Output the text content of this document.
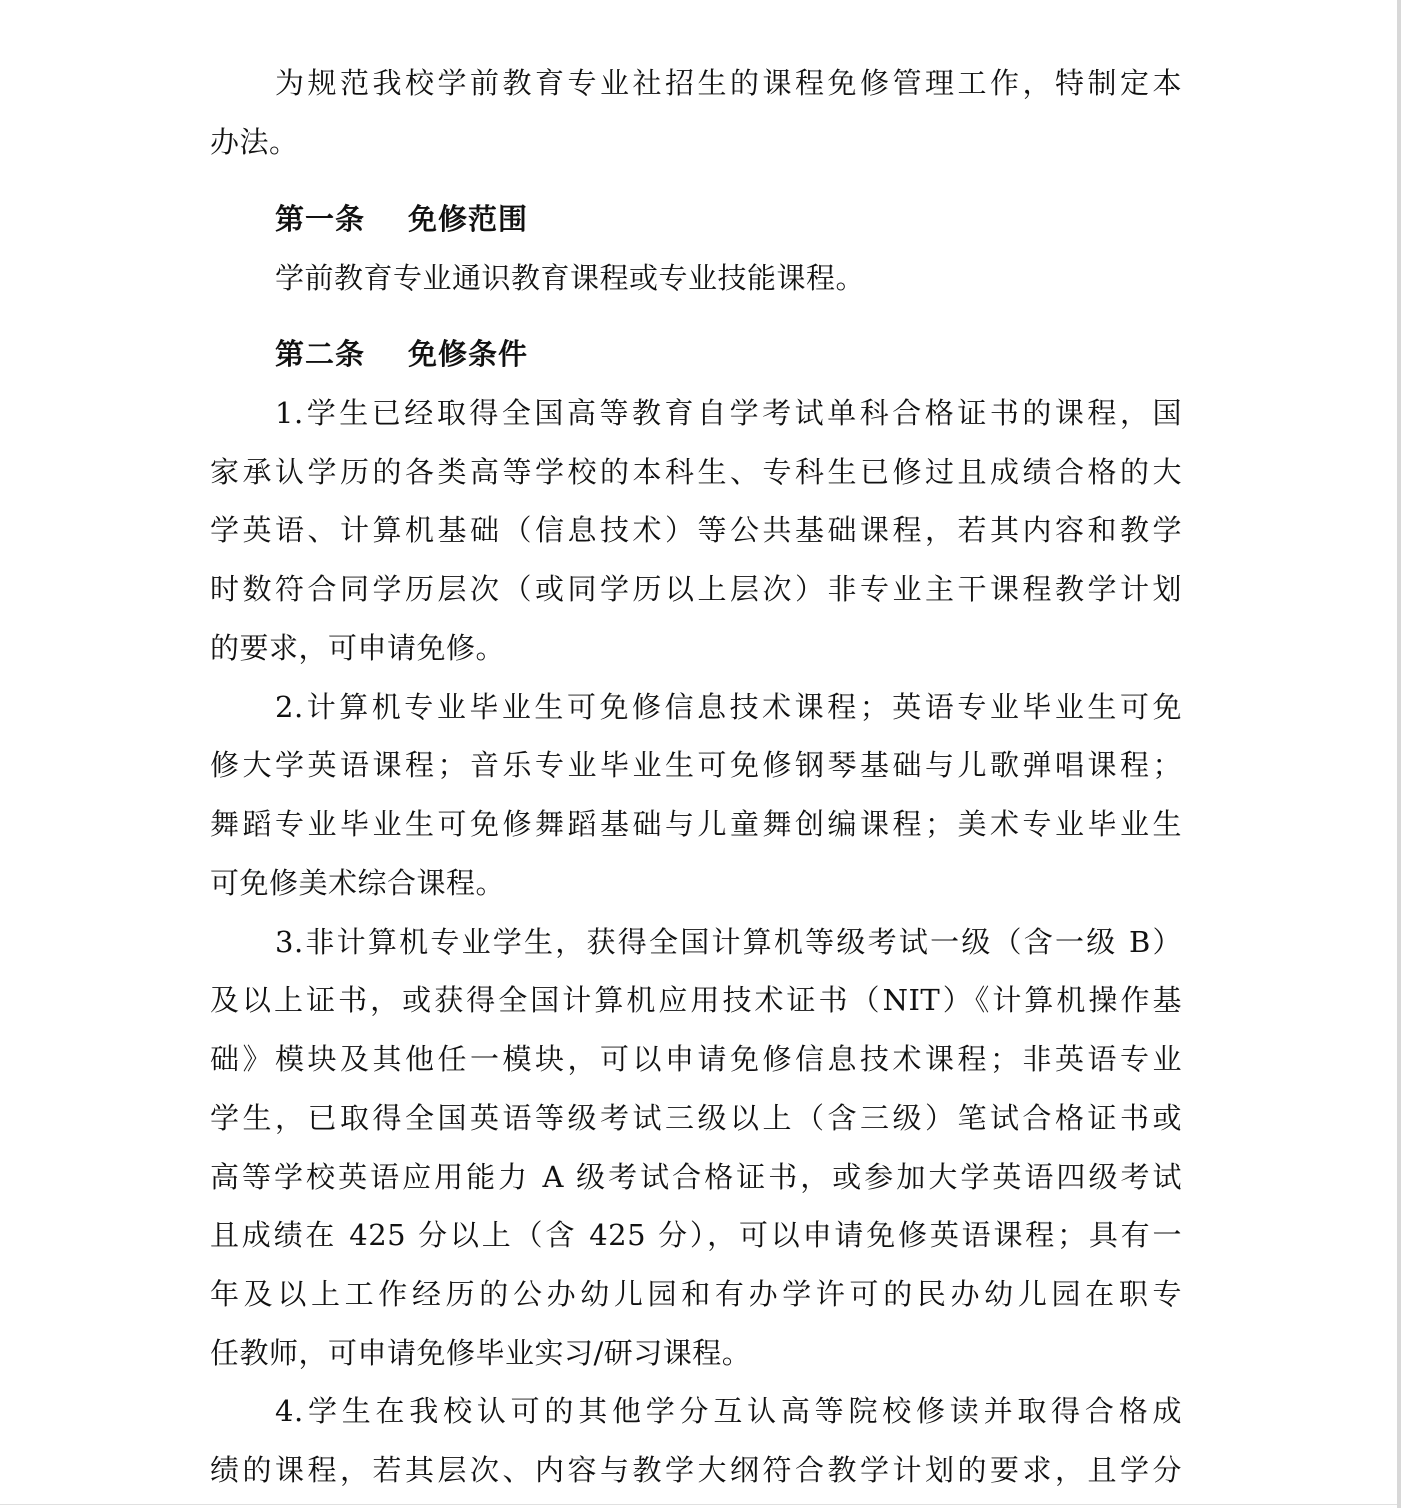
为规范我校学前教育专业社招生的课程免修管理工作，特制定本
办法。
第一条 免修范围
学前教育专业通识教育课程或专业技能课程。
第二条 免修条件
1.学生已经取得全国高等教育自学考试单科合格证书的课程，国
家承认学历的各类高等学校的本科生、专科生已修过且成绩合格的大
学英语、计算机基础（信息技术）等公共基础课程，若其内容和教学
时数符合同学历层次（或同学历以上层次）非专业主干课程教学计划
的要求，可申请免修。
2.计算机专业毕业生可免修信息技术课程；英语专业毕业生可免
修大学英语课程；音乐专业毕业生可免修钢琴基础与儿歌弹唱课程；
舞蹈专业毕业生可免修舞蹈基础与儿童舞创编课程；美术专业毕业生
可免修美术综合课程。
3.非计算机专业学生，获得全国计算机等级考试一级（含一级 B）
及以上证书，或获得全国计算机应用技术证书（NIT）《计算机操作基
础》模块及其他任一模块，可以申请免修信息技术课程；非英语专业
学生，已取得全国英语等级考试三级以上（含三级）笔试合格证书或
高等学校英语应用能力 A 级考试合格证书，或参加大学英语四级考试
且成绩在 425 分以上（含 425 分），可以申请免修英语课程；具有一
年及以上工作经历的公办幼儿园和有办学许可的民办幼儿园在职专
任教师，可申请免修毕业实习/研习课程。
4.学生在我校认可的其他学分互认高等院校修读并取得合格成
绩的课程，若其层次、内容与教学大纲符合教学计划的要求，且学分
